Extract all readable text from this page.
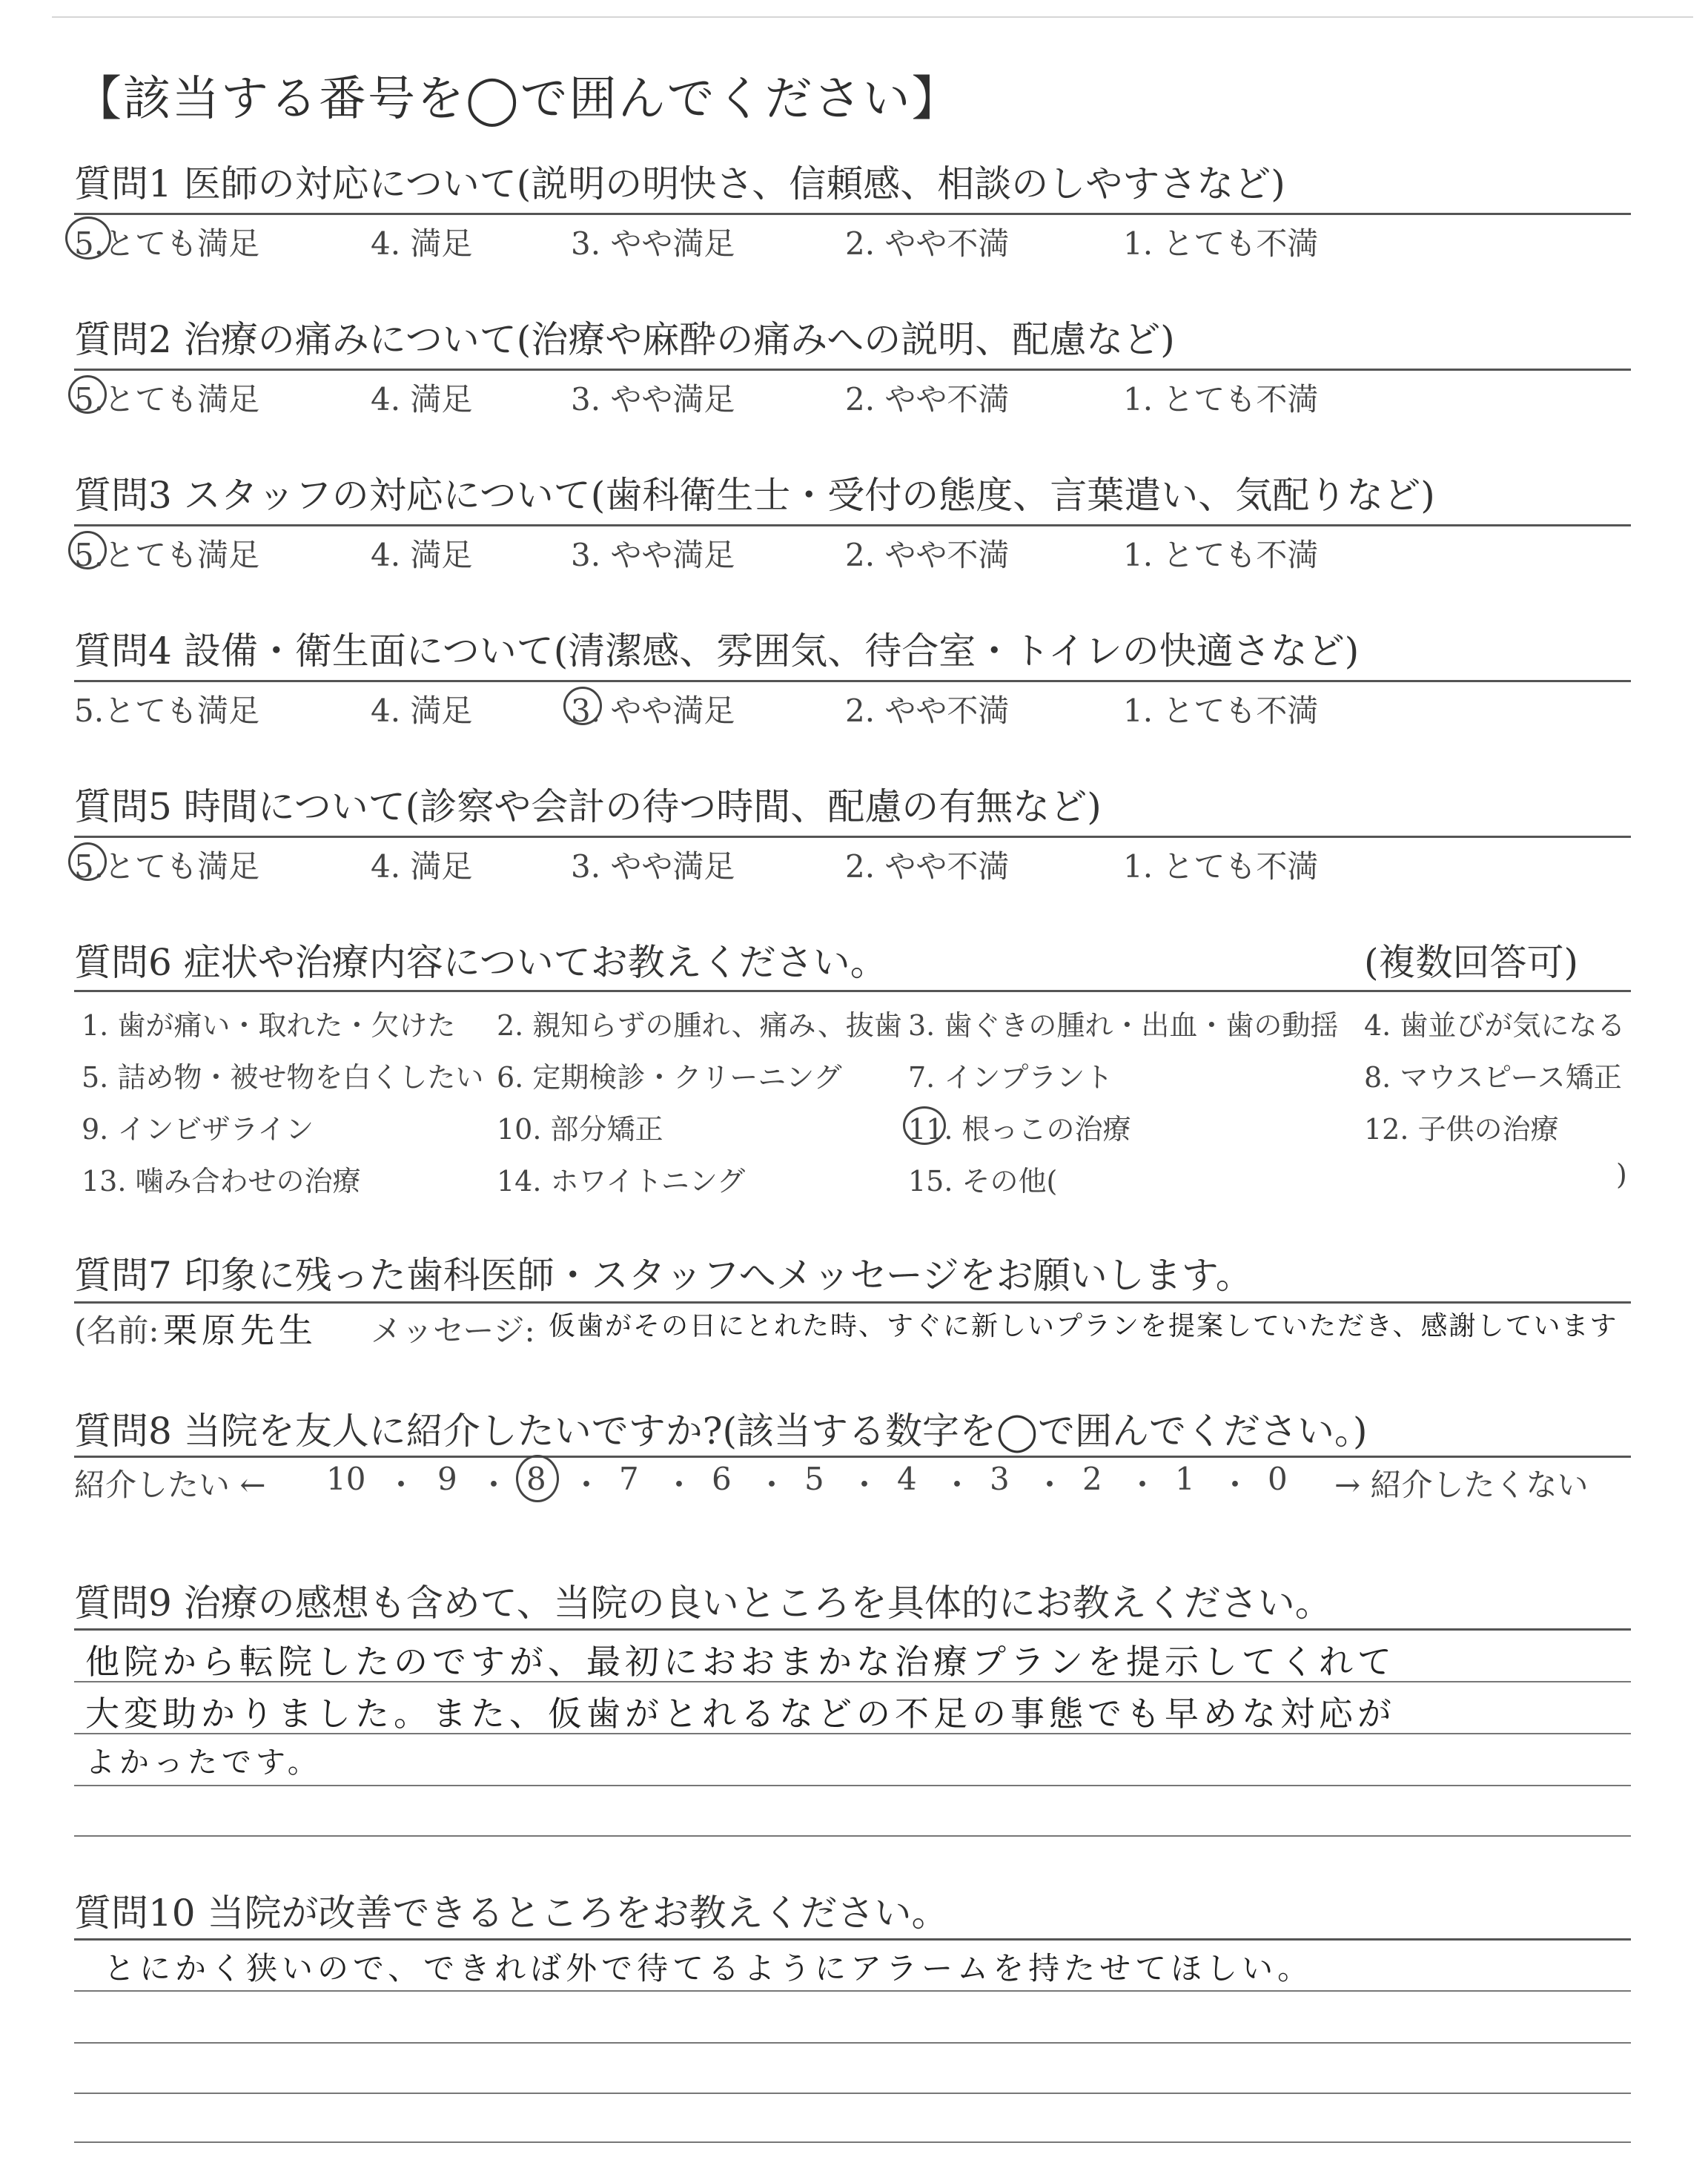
【該当する番号を◯で囲んでください】
質問1 医師の対応について(説明の明快さ、信頼感、相談のしやすさなど)
5.とても満足	4. 満足	3. やや満足	2. やや不満	1. とても不満
質問2 治療の痛みについて(治療や麻酔の痛みへの説明、配慮など)
5.とても満足	4. 満足	3. やや満足	2. やや不満	1. とても不満
質問3 スタッフの対応について(歯科衛生士・受付の態度、言葉遣い、気配りなど)
5.とても満足	4. 満足	3. やや満足	2. やや不満	1. とても不満
質問4 設備・衛生面について(清潔感、雰囲気、待合室・トイレの快適さなど)
5.とても満足	4. 満足	3. やや満足	2. やや不満	1. とても不満
質問5 時間について(診察や会計の待つ時間、配慮の有無など)
5.とても満足	4. 満足	3. やや満足	2. やや不満	1. とても不満
質問6 症状や治療内容についてお教えください。	(複数回答可)
1. 歯が痛い・取れた・欠けた 2. 親知らずの腫れ、痛み、抜歯 3. 歯ぐきの腫れ・出血・歯の動揺 4. 歯並びが気になる
5. 詰め物・被せ物を白くしたい 6. 定期検診・クリーニング 7. インプラント	8. マウスピース矯正
9. インビザライン	10. 部分矯正	11. 根っこの治療	12. 子供の治療
13. 噛み合わせの治療	14. ホワイトニング	15. その他(	)
質問7 印象に残った歯科医師・スタッフへメッセージをお願いします。
(名前: 栗原先生 メッセージ: 仮歯がその日にとれた時、すぐに新しいプランを提案していただき、感謝しています
質問8 当院を友人に紹介したいですか?(該当する数字を◯で囲んでください。)
紹介したい ← 10 ・ 9 ・ 8 ・ 7 ・ 6 ・ 5 ・ 4 ・ 3 ・ 2 ・ 1 ・ 0 → 紹介したくない
質問9 治療の感想も含めて、当院の良いところを具体的にお教えください。
他院から転院したのですが、最初におおまかな治療プランを提示してくれて
大変助かりました。また、仮歯がとれるなどの不足の事態でも早めな対応が
よかったです。
質問10 当院が改善できるところをお教えください。
とにかく狭いので、できれば外で待てるようにアラームを持たせてほしい。
